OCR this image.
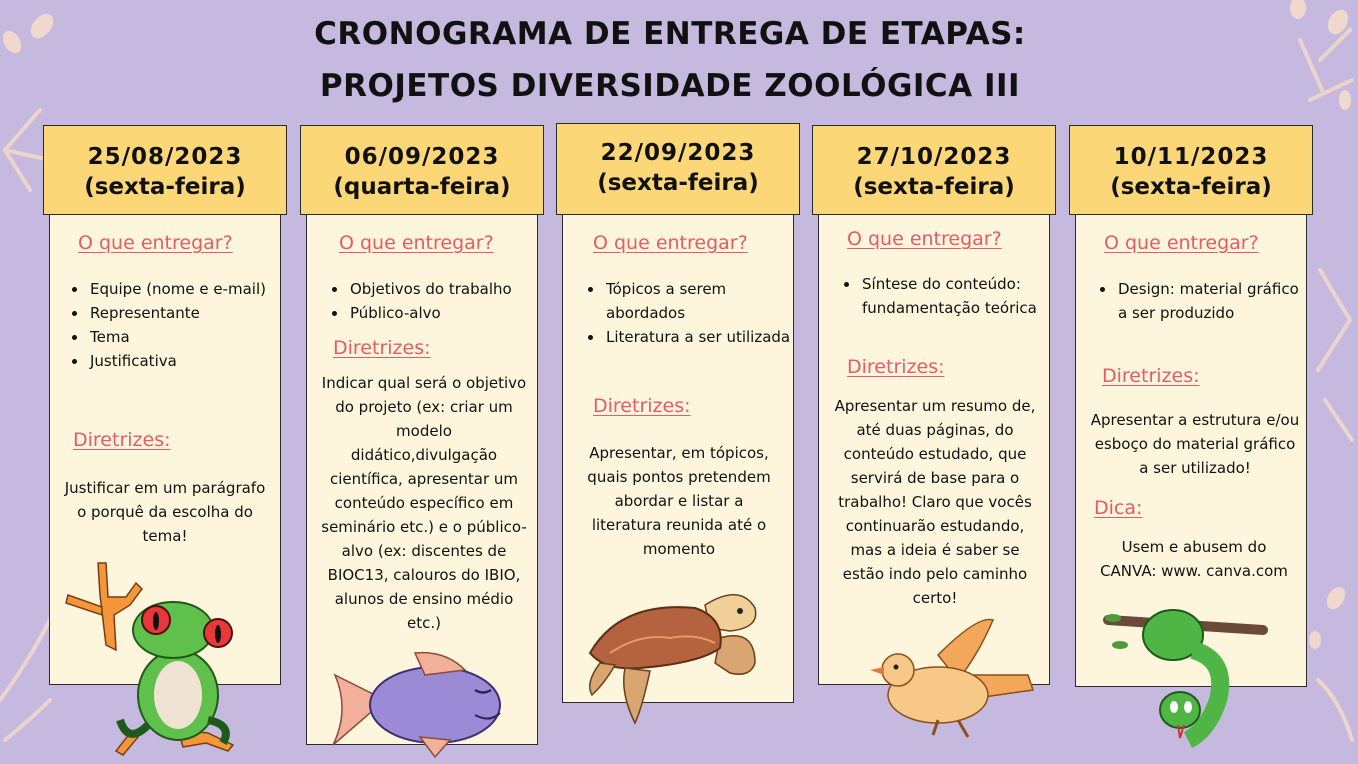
CRONOGRAMA DE ENTREGA DE ETAPAS:
PROJETOS DIVERSIDADE ZOOLÓGICA III
O que entregar?
• Equipe (nome e e-mail)
• Representante
• Tema
• Justificativa
Diretrizes:
Justificar em um parágrafo o porquê da escolha do tema!
25/08/2023
(sexta-feira)
O que entregar?
• Objetivos do trabalho
• Público-alvo
Diretrizes:
Indicar qual será o objetivo do projeto (ex: criar um modelo didático,divulgação científica, apresentar um conteúdo específico em seminário etc.) e o público-alvo (ex: discentes de BIOC13, calouros do IBIO, alunos de ensino médio etc.)
06/09/2023
(quarta-feira)
O que entregar?
• Tópicos a serem abordados
• Literatura a ser utilizada
Diretrizes:
Apresentar, em tópicos, quais pontos pretendem abordar e listar a literatura reunida até o momento
22/09/2023
(sexta-feira)
O que entregar?
• Síntese do conteúdo: fundamentação teórica
Diretrizes:
Apresentar um resumo de, até duas páginas, do conteúdo estudado, que servirá de base para o trabalho! Claro que vocês continuarão estudando, mas a ideia é saber se estão indo pelo caminho certo!
27/10/2023
(sexta-feira)
O que entregar?
• Design: material gráfico a ser produzido
Diretrizes:
Apresentar a estrutura e/ou esboço do material gráfico a ser utilizado!
Dica:
Usem e abusem do CANVA: www. canva.com
10/11/2023
(sexta-feira)
